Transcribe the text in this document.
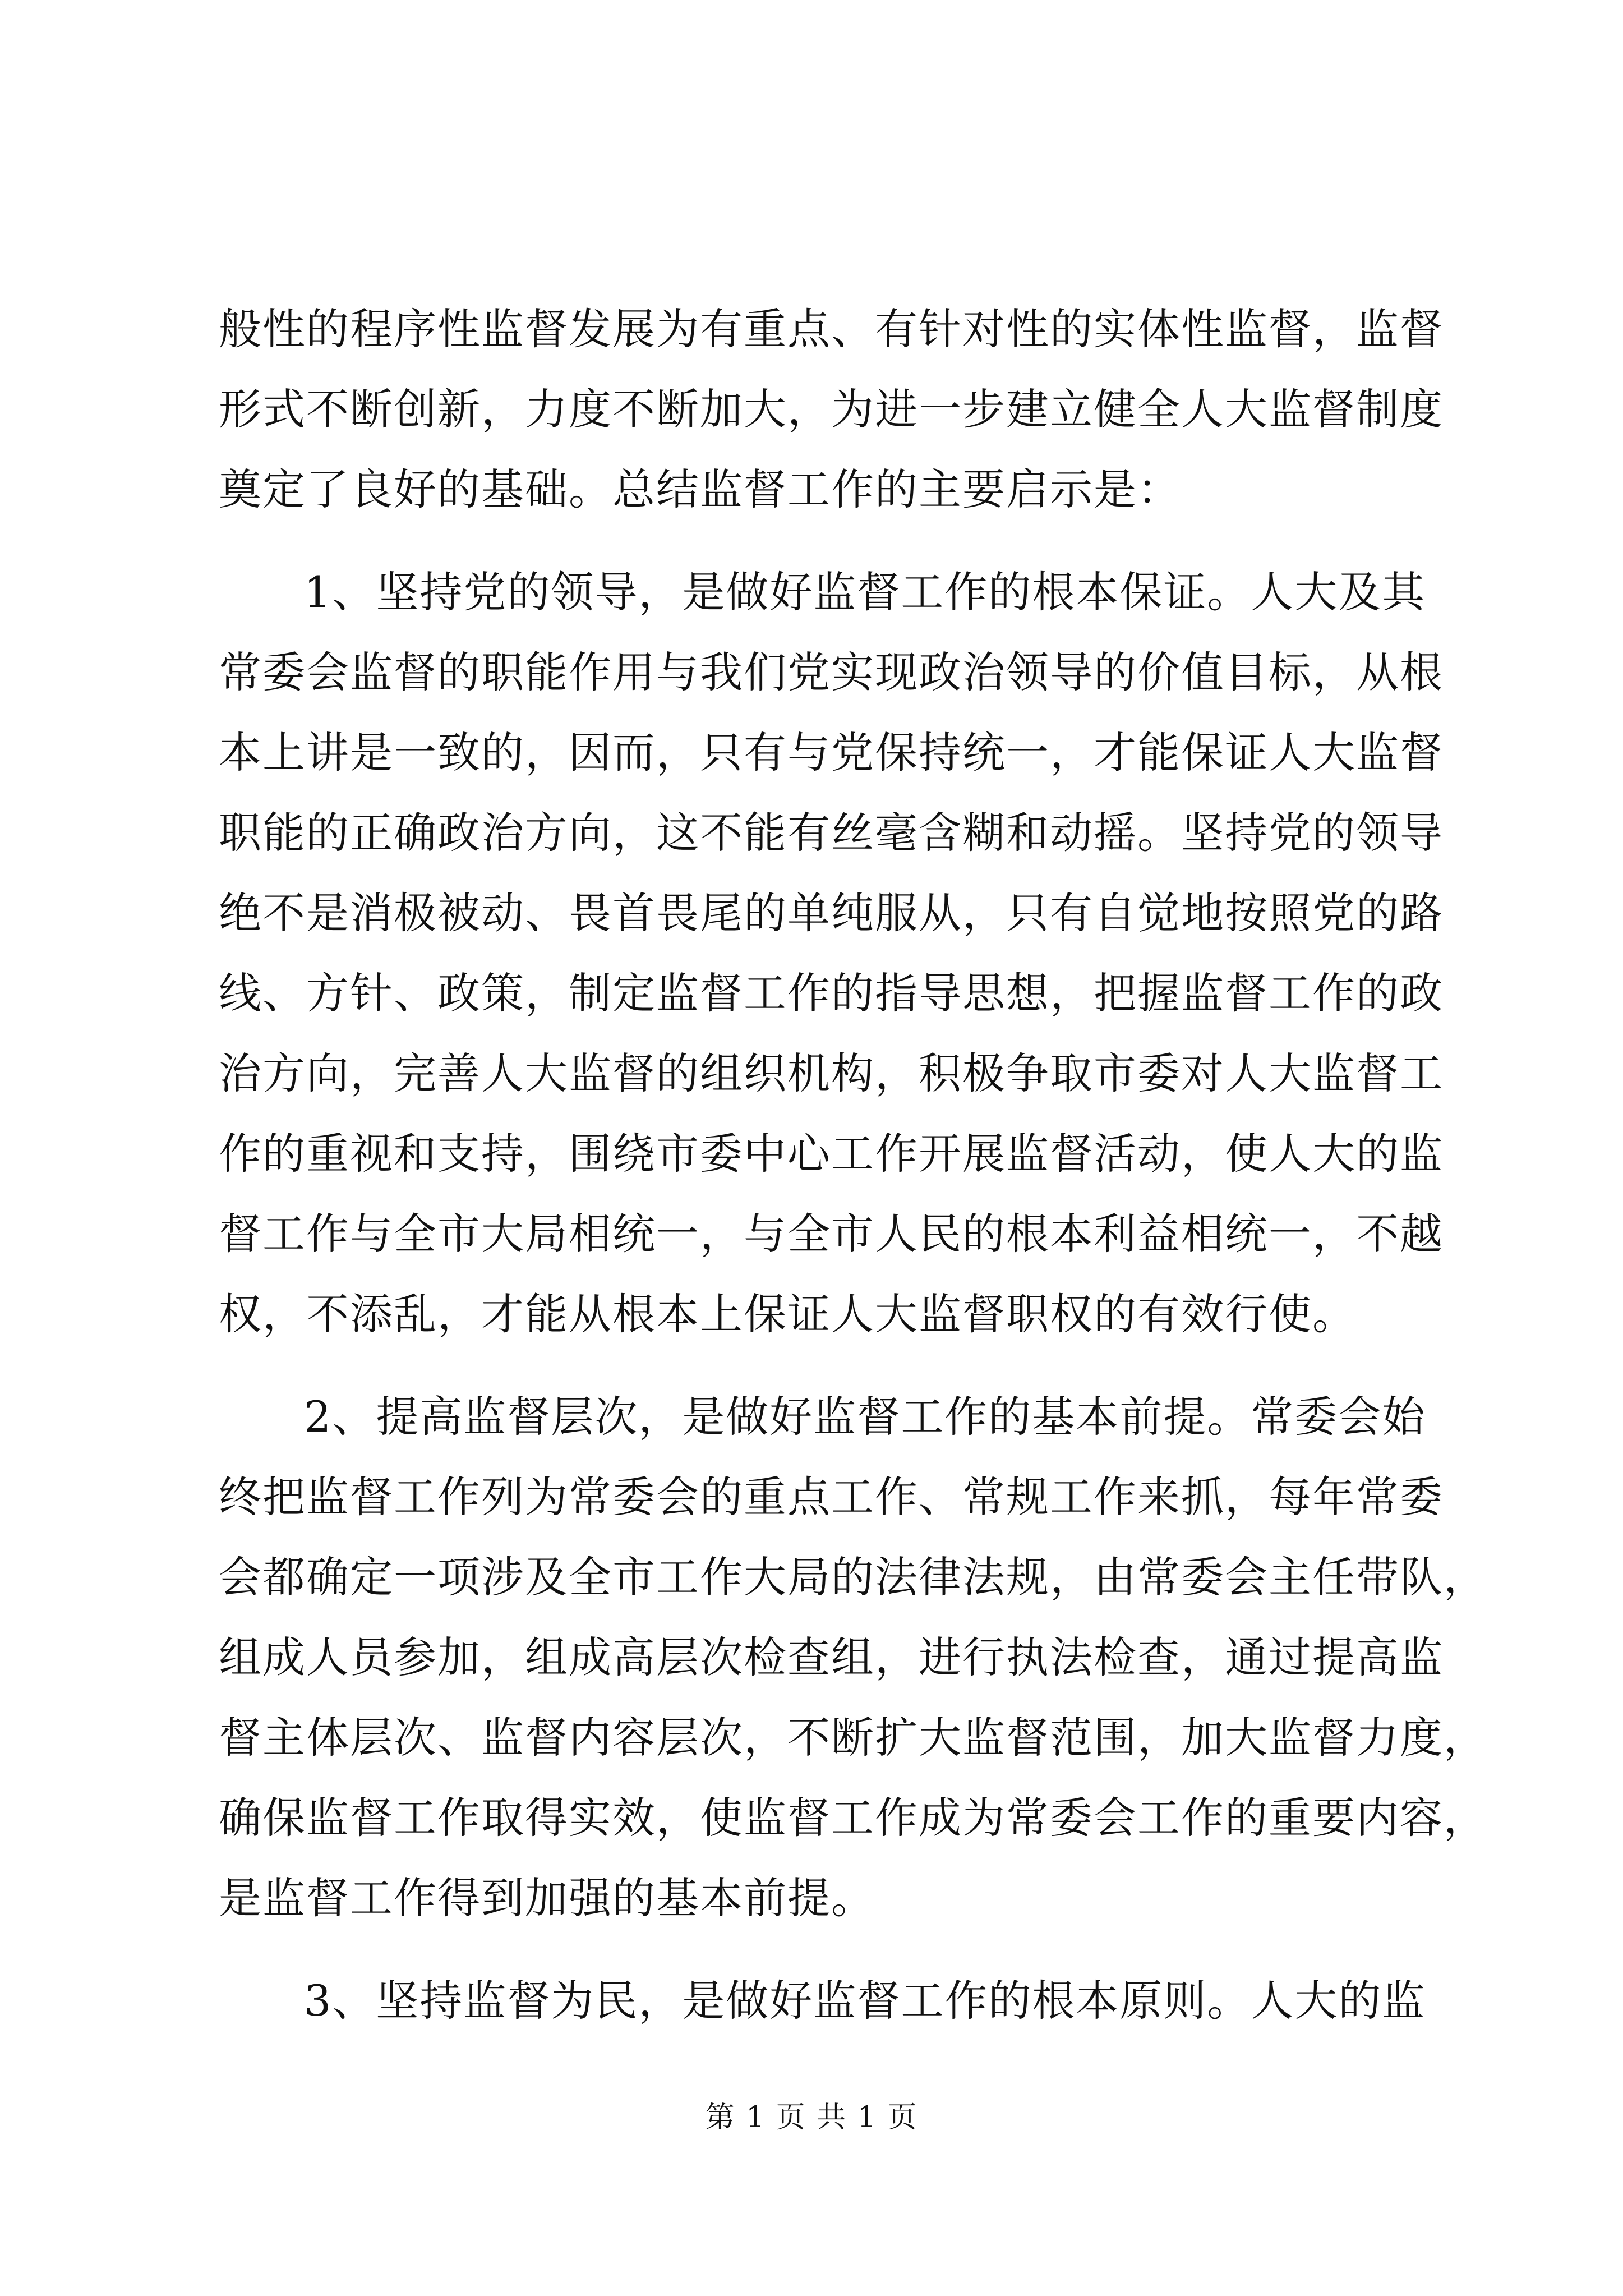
般性的程序性监督发展为有重点、有针对性的实体性监督，监督
形式不断创新，力度不断加大，为进一步建立健全人大监督制度
奠定了良好的基础。总结监督工作的主要启示是：
1、坚持党的领导，是做好监督工作的根本保证。人大及其
常委会监督的职能作用与我们党实现政治领导的价值目标，从根
本上讲是一致的，因而，只有与党保持统一，才能保证人大监督
职能的正确政治方向，这不能有丝毫含糊和动摇。坚持党的领导
绝不是消极被动、畏首畏尾的单纯服从，只有自觉地按照党的路
线、方针、政策，制定监督工作的指导思想，把握监督工作的政
治方向，完善人大监督的组织机构，积极争取市委对人大监督工
作的重视和支持，围绕市委中心工作开展监督活动，使人大的监
督工作与全市大局相统一，与全市人民的根本利益相统一，不越
权，不添乱，才能从根本上保证人大监督职权的有效行使。
2、提高监督层次，是做好监督工作的基本前提。常委会始
终把监督工作列为常委会的重点工作、常规工作来抓，每年常委
会都确定一项涉及全市工作大局的法律法规，由常委会主任带队，
组成人员参加，组成高层次检查组，进行执法检查，通过提高监
督主体层次、监督内容层次，不断扩大监督范围，加大监督力度，
确保监督工作取得实效，使监督工作成为常委会工作的重要内容，
是监督工作得到加强的基本前提。
3、坚持监督为民，是做好监督工作的根本原则。人大的监
第 1 页 共 1 页
